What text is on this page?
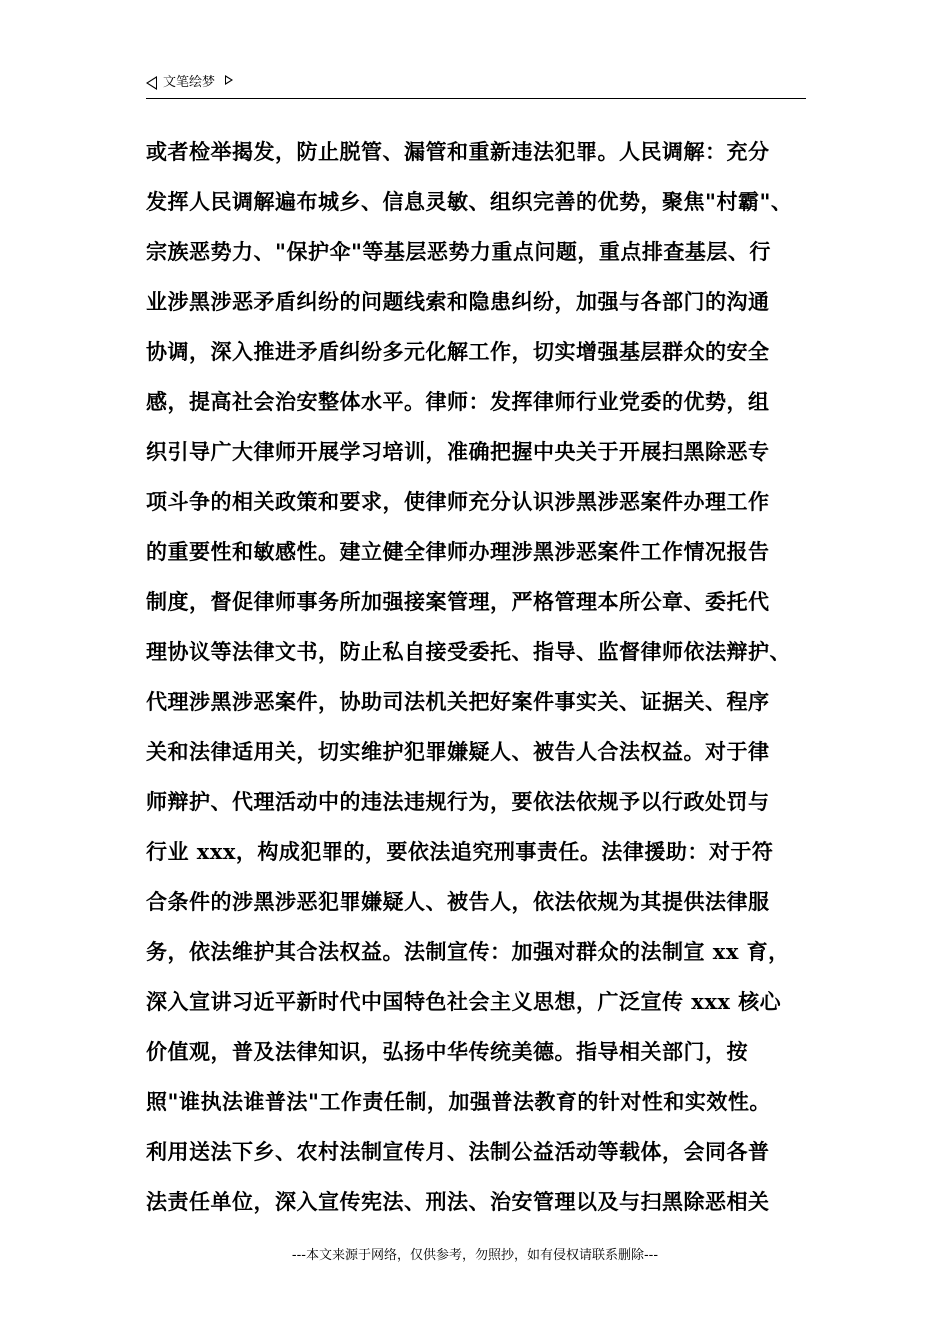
文笔绘梦
或者检举揭发，防止脱管、漏管和重新违法犯罪。人民调解：充分
发挥人民调解遍布城乡、信息灵敏、组织完善的优势，聚焦"村霸"、
宗族恶势力、"保护伞"等基层恶势力重点问题，重点排查基层、行
业涉黑涉恶矛盾纠纷的问题线索和隐患纠纷，加强与各部门的沟通
协调，深入推进矛盾纠纷多元化解工作，切实增强基层群众的安全
感，提高社会治安整体水平。律师：发挥律师行业党委的优势，组
织引导广大律师开展学习培训，准确把握中央关于开展扫黑除恶专
项斗争的相关政策和要求，使律师充分认识涉黑涉恶案件办理工作
的重要性和敏感性。建立健全律师办理涉黑涉恶案件工作情况报告
制度，督促律师事务所加强接案管理，严格管理本所公章、委托代
理协议等法律文书，防止私自接受委托、指导、监督律师依法辩护、
代理涉黑涉恶案件，协助司法机关把好案件事实关、证据关、程序
关和法律适用关，切实维护犯罪嫌疑人、被告人合法权益。对于律
师辩护、代理活动中的违法违规行为，要依法依规予以行政处罚与
行业 xxx，构成犯罪的，要依法追究刑事责任。法律援助：对于符
合条件的涉黑涉恶犯罪嫌疑人、被告人，依法依规为其提供法律服
务，依法维护其合法权益。法制宣传：加强对群众的法制宣 xx 育，
深入宣讲习近平新时代中国特色社会主义思想，广泛宣传 xxx 核心
价值观，普及法律知识，弘扬中华传统美德。指导相关部门，按
照"谁执法谁普法"工作责任制，加强普法教育的针对性和实效性。
利用送法下乡、农村法制宣传月、法制公益活动等载体，会同各普
法责任单位，深入宣传宪法、刑法、治安管理以及与扫黑除恶相关
---本文来源于网络，仅供参考，勿照抄，如有侵权请联系删除---
